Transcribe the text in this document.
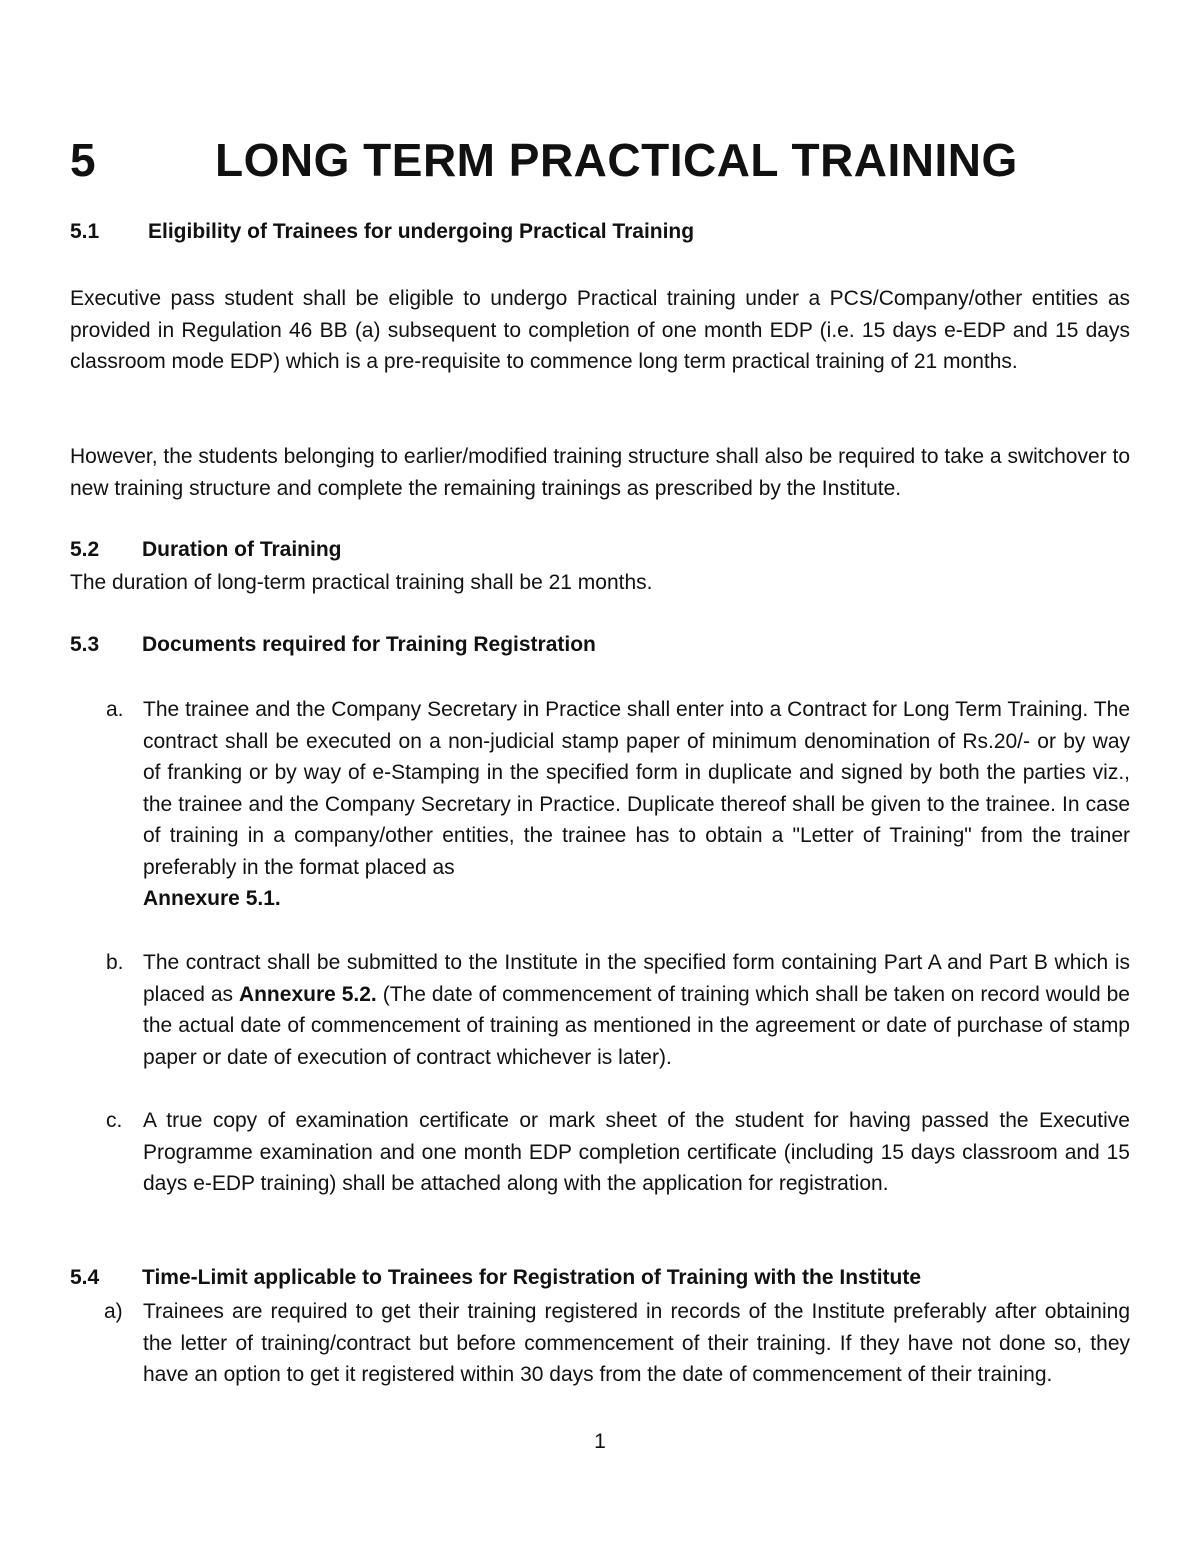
5	LONG TERM PRACTICAL TRAINING
5.1 Eligibility of Trainees for undergoing Practical Training

Executive pass student shall be eligible to undergo Practical training under a PCS/Company/other entities as provided in Regulation 46 BB (a) subsequent to completion of one month EDP (i.e. 15 days e-EDP and 15 days classroom mode EDP) which is a pre-requisite to commence long term practical training of 21 months.

However, the students belonging to earlier/modified training structure shall also be required to take a switchover to new training structure and complete the remaining trainings as prescribed by the Institute.

5.2 Duration of Training

The duration of long-term practical training shall be 21 months.

5.3 Documents required for Training Registration
a. The trainee and the Company Secretary in Practice shall enter into a Contract for Long Term Training. The contract shall be executed on a non-judicial stamp paper of minimum denomination of Rs.20/- or by way of franking or by way of e-Stamping in the specified form in duplicate and signed by both the parties viz., the trainee and the Company Secretary in Practice. Duplicate thereof shall be given to the trainee. In case of training in a company/other entities, the trainee has to obtain a "Letter of Training" from the trainer preferably in the format placed as
Annexure 5.1.
b. The contract shall be submitted to the Institute in the specified form containing Part A and Part B which is placed as Annexure 5.2. (The date of commencement of training which shall be taken on record would be the actual date of commencement of training as mentioned in the agreement or date of purchase of stamp paper or date of execution of contract whichever is later).
c. A true copy of examination certificate or mark sheet of the student for having passed the Executive Programme examination and one month EDP completion certificate (including 15 days classroom and 15 days e-EDP training) shall be attached along with the application for registration.
5.4 Time-Limit applicable to Trainees for Registration of Training with the Institute
a) Trainees are required to get their training registered in records of the Institute preferably after obtaining the letter of training/contract but before commencement of their training. If they have not done so, they have an option to get it registered within 30 days from the date of commencement of their training.
1
